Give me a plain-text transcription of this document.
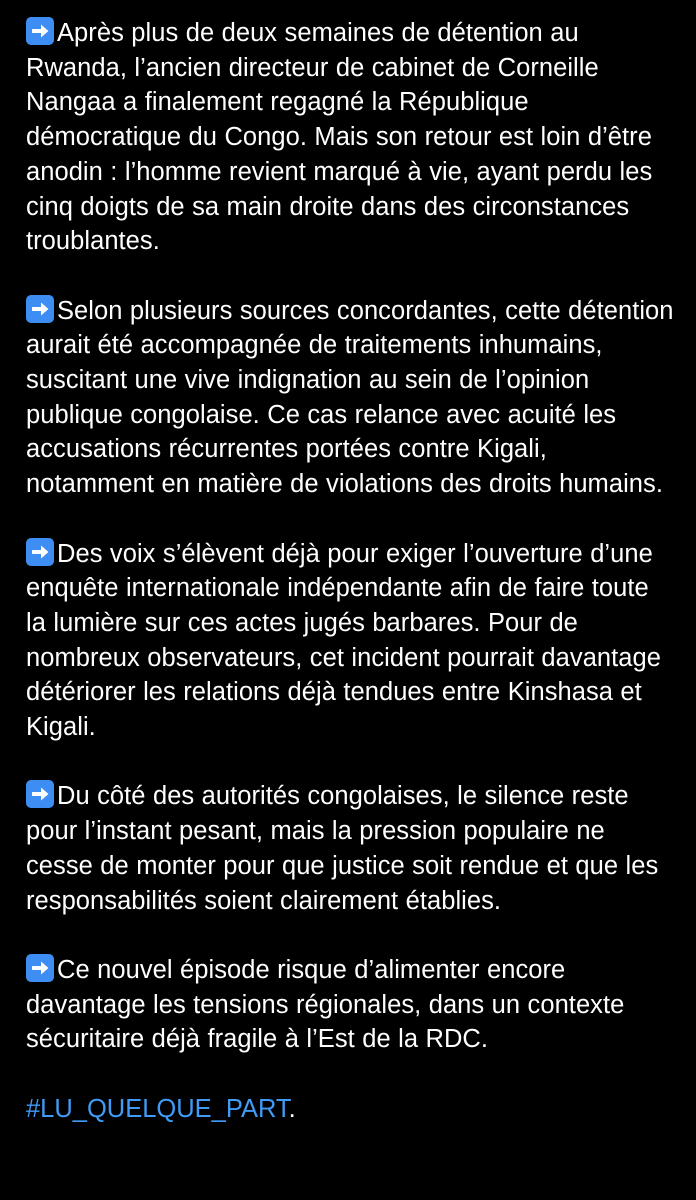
Après plus de deux semaines de détention au Rwanda, l’ancien directeur de cabinet de Corneille Nangaa a finalement regagné la République démocratique du Congo. Mais son retour est loin d’être anodin : l’homme revient marqué à vie, ayant perdu les cinq doigts de sa main droite dans des circonstances troublantes.

Selon plusieurs sources concordantes, cette détention aurait été accompagnée de traitements inhumains, suscitant une vive indignation au sein de l’opinion publique congolaise. Ce cas relance avec acuité les accusations récurrentes portées contre Kigali, notamment en matière de violations des droits humains.

Des voix s’élèvent déjà pour exiger l’ouverture d’une enquête internationale indépendante afin de faire toute la lumière sur ces actes jugés barbares. Pour de nombreux observateurs, cet incident pourrait davantage détériorer les relations déjà tendues entre Kinshasa et Kigali.

Du côté des autorités congolaises, le silence reste pour l’instant pesant, mais la pression populaire ne cesse de monter pour que justice soit rendue et que les responsabilités soient clairement établies.

Ce nouvel épisode risque d’alimenter encore davantage les tensions régionales, dans un contexte sécuritaire déjà fragile à l’Est de la RDC.

#LU_QUELQUE_PART.
